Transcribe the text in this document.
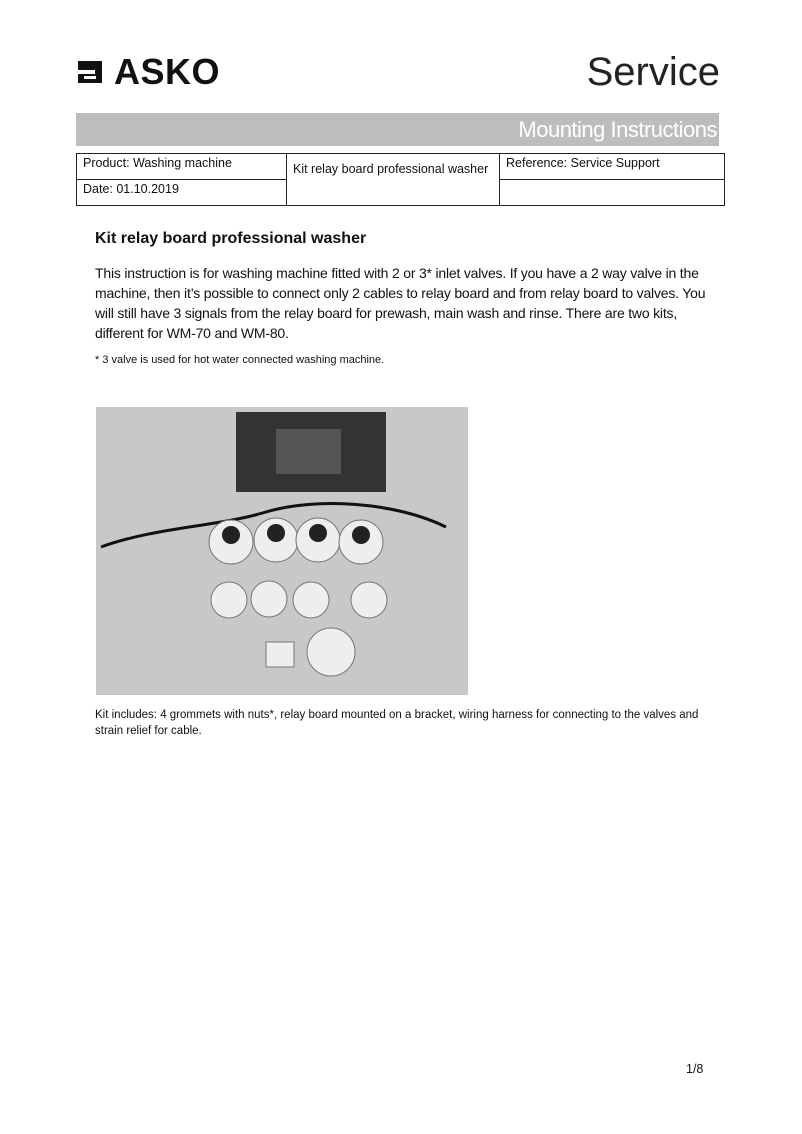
ASKO	Service
Mounting Instructions
Product: Washing machine	Kit relay board professional washer	Reference: Service Support
Date: 01.10.2019		
Kit relay board professional washer
This instruction is for washing machine fitted with 2 or 3* inlet valves. If you have a 2 way valve in the machine, then it’s possible to connect only 2 cables to relay board and from relay board to valves. You will still have 3 signals from the relay board for prewash, main wash and rinse. There are two kits, different for WM-70 and WM-80.
* 3 valve is used for hot water connected washing machine.
Kit includes: 4 grommets with nuts*, relay board mounted on a bracket, wiring harness for connecting to the valves and strain relief for cable.
1/8
